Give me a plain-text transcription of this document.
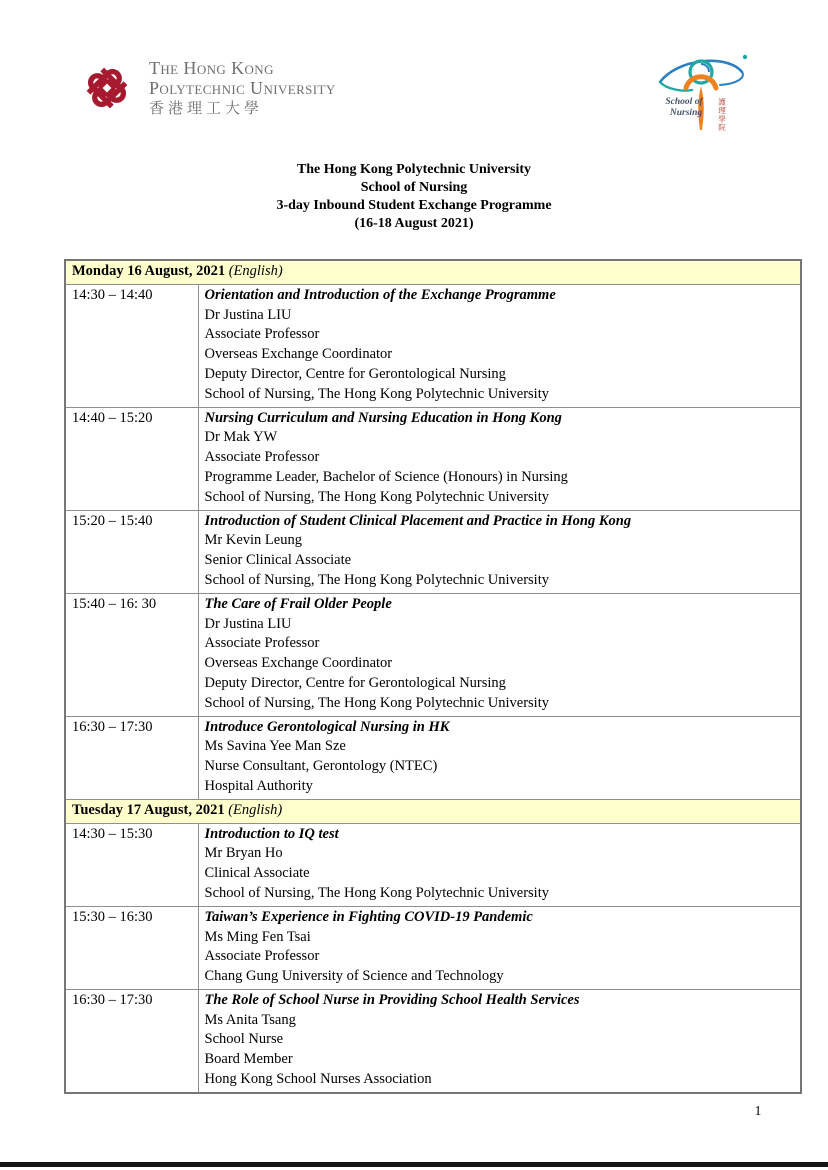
The Hong Kong
Polytechnic University
香港理工大學	School of
Nursing 護理學院
The Hong Kong Polytechnic University
School of Nursing
3-day Inbound Student Exchange Programme
(16-18 August 2021)
Monday 16 August, 2021 (English)	
14:30 – 14:40	Orientation and Introduction of the Exchange Programme
Dr Justina LIU
Associate Professor
Overseas Exchange Coordinator
Deputy Director, Centre for Gerontological Nursing
School of Nursing, The Hong Kong Polytechnic University

14:40 – 15:20	Nursing Curriculum and Nursing Education in Hong Kong
Dr Mak YW
Associate Professor
Programme Leader, Bachelor of Science (Honours) in Nursing
School of Nursing, The Hong Kong Polytechnic University

15:20 – 15:40	Introduction of Student Clinical Placement and Practice in Hong Kong
Mr Kevin Leung
Senior Clinical Associate
School of Nursing, The Hong Kong Polytechnic University

15:40 – 16: 30	The Care of Frail Older People
Dr Justina LIU
Associate Professor
Overseas Exchange Coordinator
Deputy Director, Centre for Gerontological Nursing
School of Nursing, The Hong Kong Polytechnic University

16:30 – 17:30	Introduce Gerontological Nursing in HK
Ms Savina Yee Man Sze
Nurse Consultant, Gerontology (NTEC)
Hospital Authority

Tuesday 17 August, 2021 (English)	
14:30 – 15:30	Introduction to IQ test
Mr Bryan Ho
Clinical Associate
School of Nursing, The Hong Kong Polytechnic University

15:30 – 16:30	Taiwan’s Experience in Fighting COVID-19 Pandemic
Ms Ming Fen Tsai
Associate Professor
Chang Gung University of Science and Technology

16:30 – 17:30	The Role of School Nurse in Providing School Health Services
Ms Anita Tsang
School Nurse
Board Member
Hong Kong School Nurses Association
1
